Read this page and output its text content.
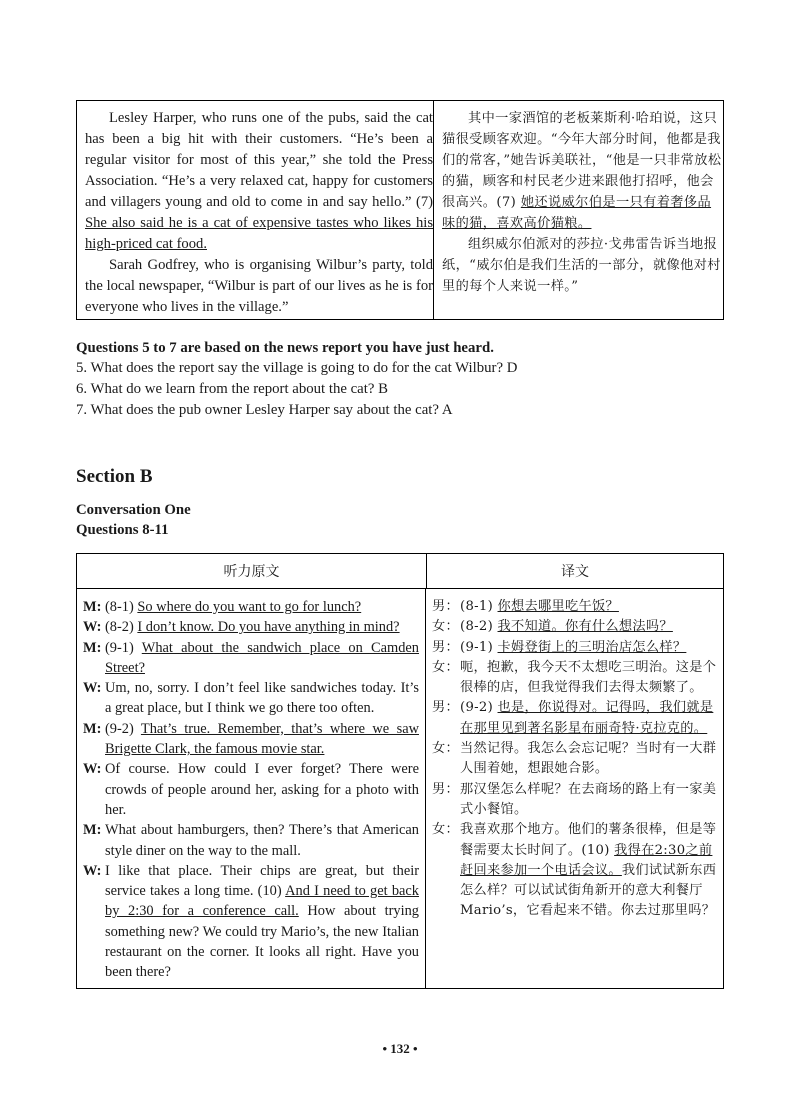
Lesley Harper, who runs one of the pubs, said the cat has been a big hit with their customers. “He’s been a regular visitor for most of this year,” she told the Press Association. “He’s a very relaxed cat, happy for customers and villagers young and old to come in and say hello.” (7) She also said he is a cat of expensive tastes who likes his high-priced cat food.

Sarah Godfrey, who is organising Wilbur’s party, told the local newspaper, “Wilbur is part of our lives as he is for everyone who lives in the village.”

其中一家酒馆的老板莱斯利·哈珀说，这只猫很受顾客欢迎。“今年大部分时间，他都是我们的常客，”她告诉美联社，“他是一只非常放松的猫，顾客和村民老少进来跟他打招呼，他会很高兴。(7) 她还说威尔伯是一只有着奢侈品味的猫，喜欢高价猫粮。

组织威尔伯派对的莎拉·戈弗雷告诉当地报纸，“威尔伯是我们生活的一部分，就像他对村里的每个人来说一样。”

Questions 5 to 7 are based on the news report you have just heard.
5. What does the report say the village is going to do for the cat Wilbur? D
6. What do we learn from the report about the cat? B
7. What does the pub owner Lesley Harper say about the cat? A
Section B
Conversation One
Questions 8-11
听力原文	译文
M: (8-1) So where do you want to go for lunch?
W: (8-2) I don’t know. Do you have anything in mind?
M: (9-1) What about the sandwich place on Camden Street?
W: Um, no, sorry. I don’t feel like sandwiches today. It’s a great place, but I think we go there too often.
M: (9-2) That’s true. Remember, that’s where we saw Brigette Clark, the famous movie star.
W: Of course. How could I ever forget? There were crowds of people around her, asking for a photo with her.
M: What about hamburgers, then? There’s that American style diner on the way to the mall.
W: I like that place. Their chips are great, but their service takes a long time. (10) And I need to get back by 2:30 for a conference call. How about trying something new? We could try Mario’s, the new Italian restaurant on the corner. It looks all right. Have you been there?
男： (8-1) 你想去哪里吃午饭？
女： (8-2) 我不知道。你有什么想法吗？
男： (9-1) 卡姆登街上的三明治店怎么样？
女： 呃，抱歉，我今天不太想吃三明治。这是个很棒的店，但我觉得我们去得太频繁了。
男： (9-2) 也是，你说得对。记得吗，我们就是在那里见到著名影星布丽奇特·克拉克的。
女： 当然记得。我怎么会忘记呢？当时有一大群人围着她，想跟她合影。
男： 那汉堡怎么样呢？在去商场的路上有一家美式小餐馆。
女： 我喜欢那个地方。他们的薯条很棒，但是等餐需要太长时间了。(10) 我得在2:30之前赶回来参加一个电话会议。我们试试新东西怎么样？可以试试街角新开的意大利餐厅Mario’s，它看起来不错。你去过那里吗？
• 132 •
